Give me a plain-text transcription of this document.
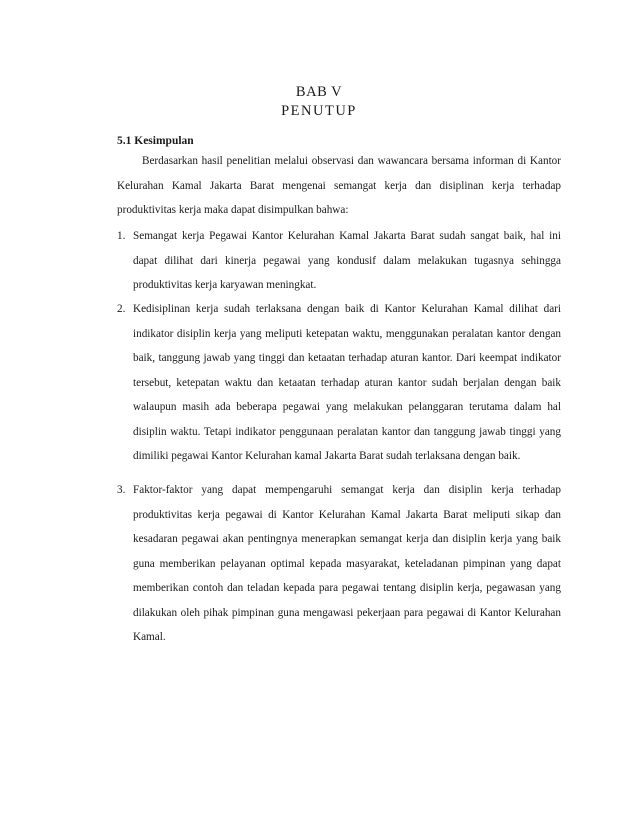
BAB V
PENUTUP
5.1 Kesimpulan

Berdasarkan hasil penelitian melalui observasi dan wawancara bersama informan di Kantor Kelurahan Kamal Jakarta Barat mengenai semangat kerja dan disiplinan kerja terhadap produktivitas kerja maka dapat disimpulkan bahwa:

1. Semangat kerja Pegawai Kantor Kelurahan Kamal Jakarta Barat sudah sangat baik, hal ini dapat dilihat dari kinerja pegawai yang kondusif dalam melakukan tugasnya sehingga produktivitas kerja karyawan meningkat.
2. Kedisiplinan kerja sudah terlaksana dengan baik di Kantor Kelurahan Kamal dilihat dari indikator disiplin kerja yang meliputi ketepatan waktu, menggunakan peralatan kantor dengan baik, tanggung jawab yang tinggi dan ketaatan terhadap aturan kantor. Dari keempat indikator tersebut, ketepatan waktu dan ketaatan terhadap aturan kantor sudah berjalan dengan baik walaupun masih ada beberapa pegawai yang melakukan pelanggaran terutama dalam hal disiplin waktu. Tetapi indikator penggunaan peralatan kantor dan tanggung jawab tinggi yang dimiliki pegawai Kantor Kelurahan kamal Jakarta Barat sudah terlaksana dengan baik.
3. Faktor-faktor yang dapat mempengaruhi semangat kerja dan disiplin kerja terhadap produktivitas kerja pegawai di Kantor Kelurahan Kamal Jakarta Barat meliputi sikap dan kesadaran pegawai akan pentingnya menerapkan semangat kerja dan disiplin kerja yang baik guna memberikan pelayanan optimal kepada masyarakat, keteladanan pimpinan yang dapat memberikan contoh dan teladan kepada para pegawai tentang disiplin kerja, pegawasan yang dilakukan oleh pihak pimpinan guna mengawasi pekerjaan para pegawai di Kantor Kelurahan Kamal.
